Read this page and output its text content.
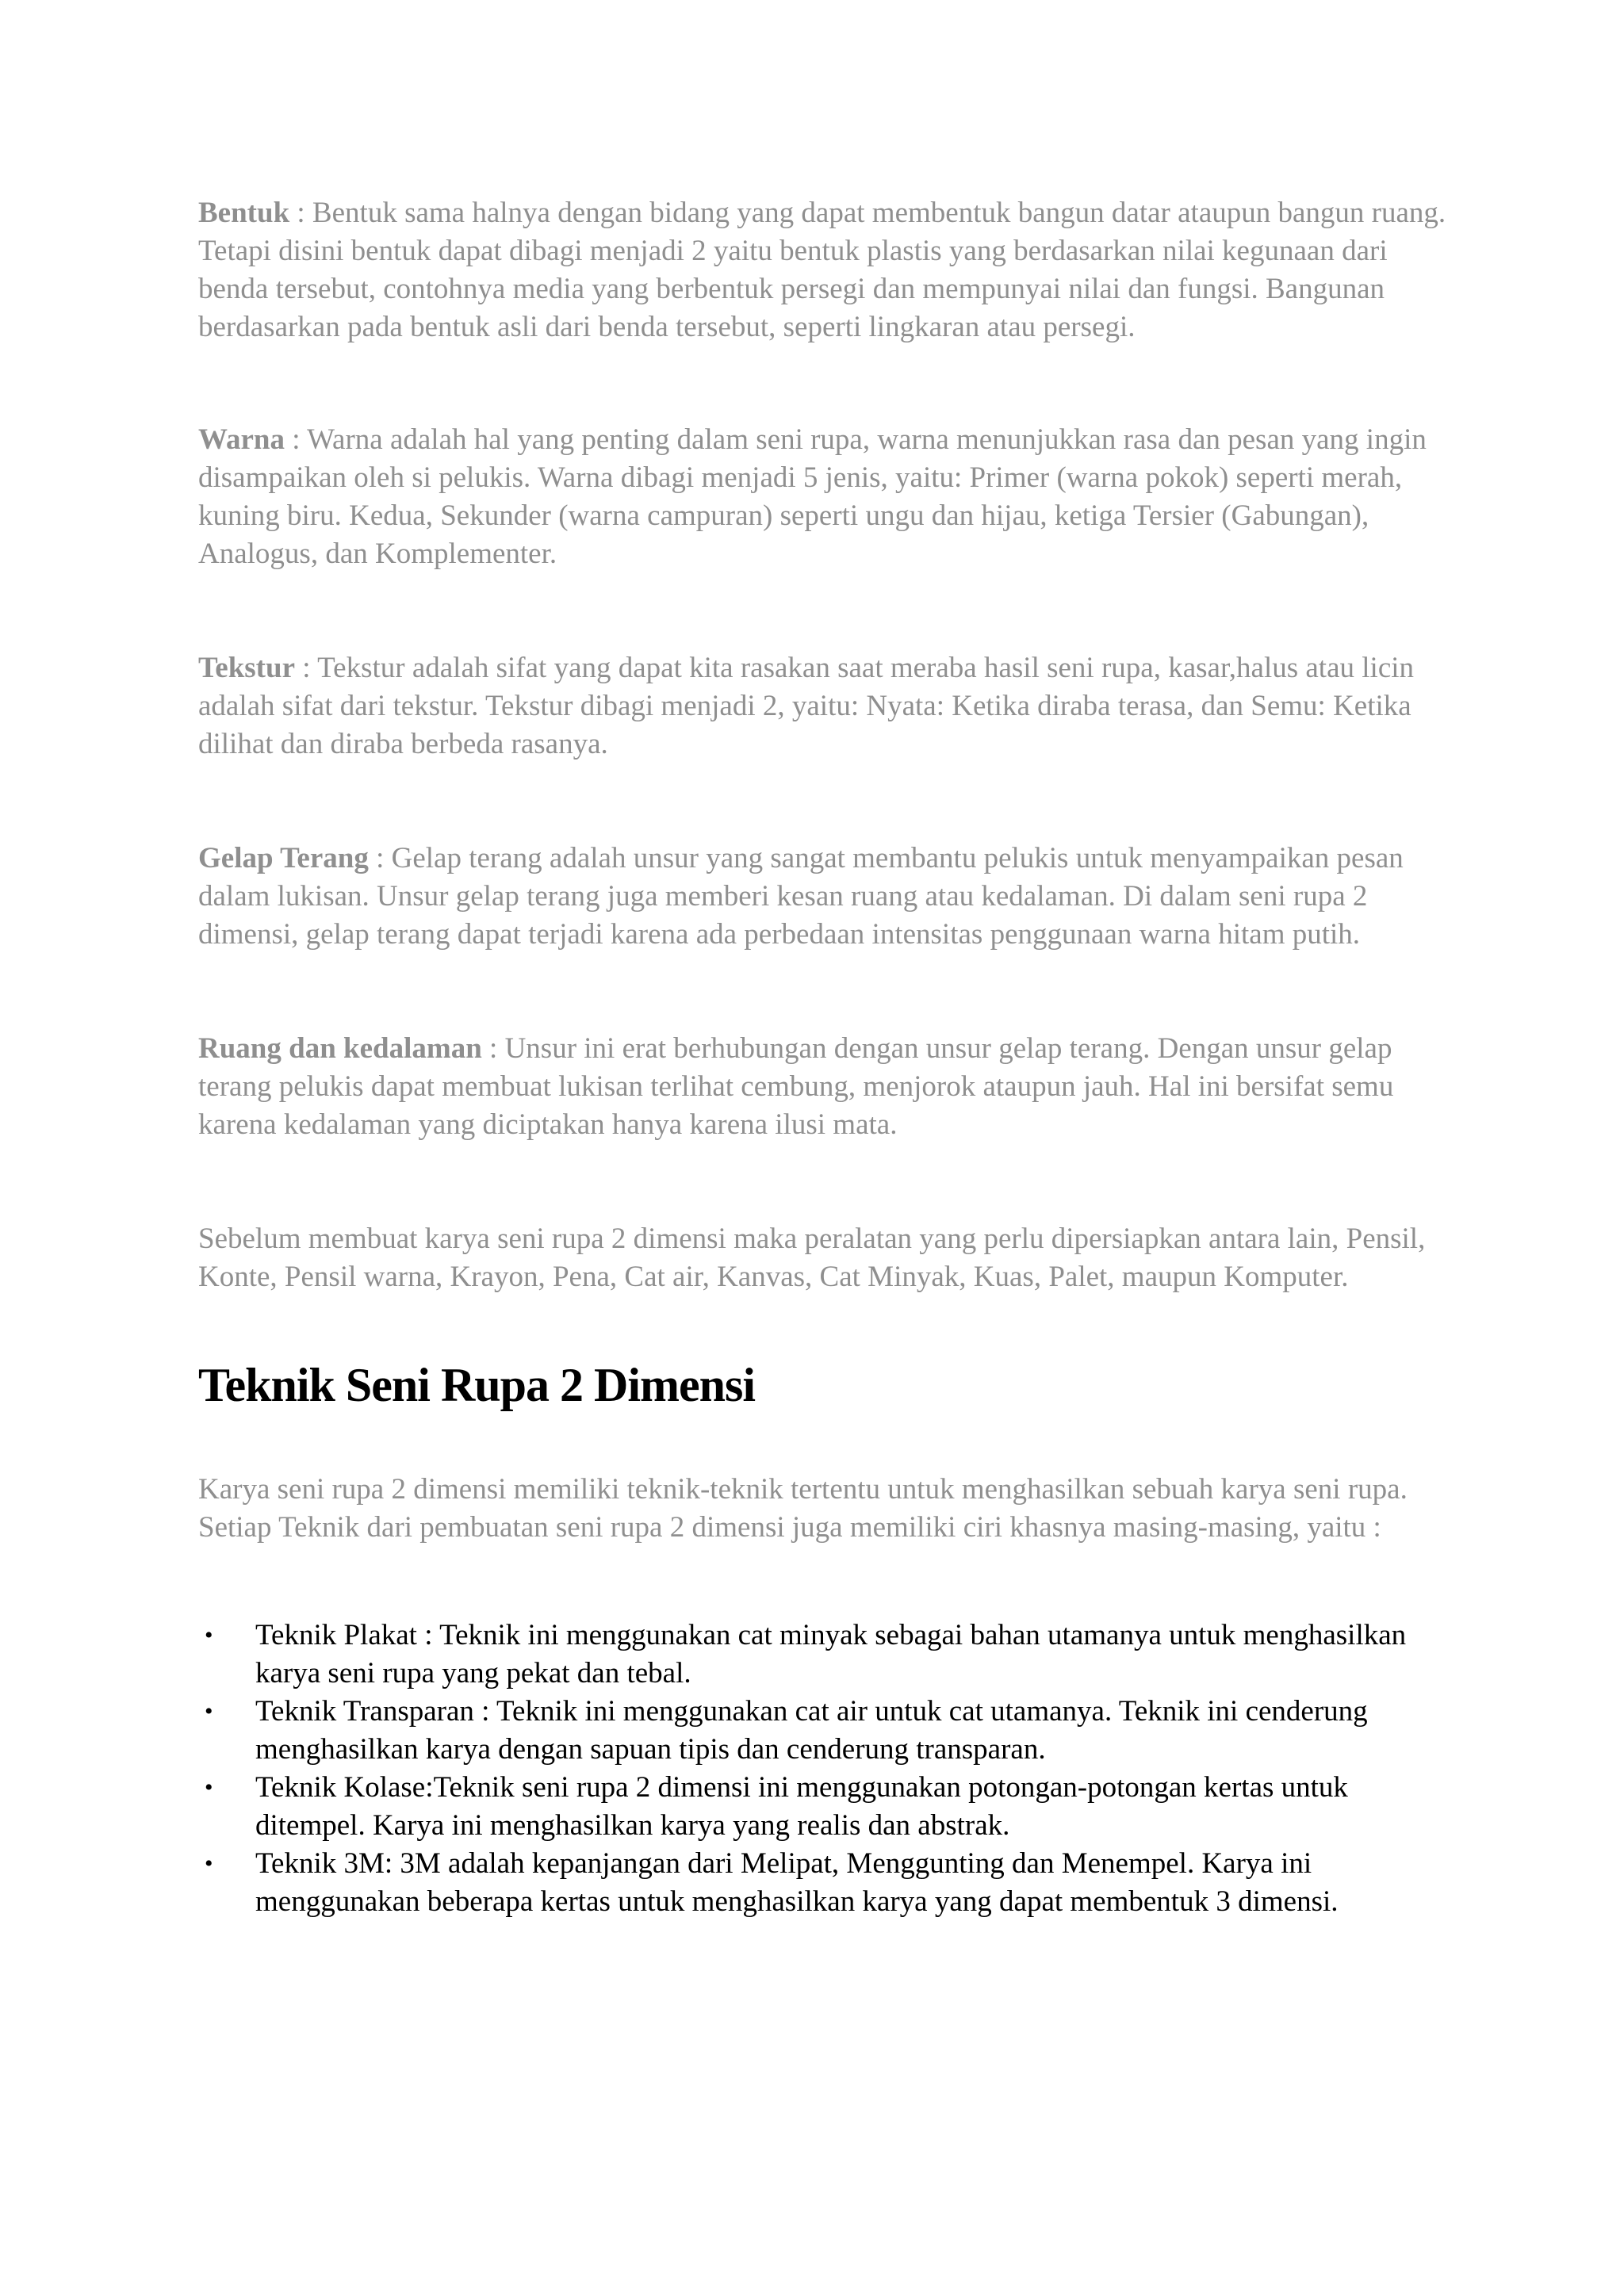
Bentuk : Bentuk sama halnya dengan bidang yang dapat membentuk bangun datar ataupun bangun ruang. Tetapi disini bentuk dapat dibagi menjadi 2 yaitu bentuk plastis yang berdasarkan nilai kegunaan dari benda tersebut, contohnya media yang berbentuk persegi dan mempunyai nilai dan fungsi. Bangunan berdasarkan pada bentuk asli dari benda tersebut, seperti lingkaran atau persegi.

Warna : Warna adalah hal yang penting dalam seni rupa, warna menunjukkan rasa dan pesan yang ingin disampaikan oleh si pelukis. Warna dibagi menjadi 5 jenis, yaitu: Primer (warna pokok) seperti merah, kuning biru. Kedua, Sekunder (warna campuran) seperti ungu dan hijau, ketiga Tersier (Gabungan), Analogus, dan Komplementer.

Tekstur : Tekstur adalah sifat yang dapat kita rasakan saat meraba hasil seni rupa, kasar,halus atau licin adalah sifat dari tekstur. Tekstur dibagi menjadi 2, yaitu: Nyata: Ketika diraba terasa, dan Semu: Ketika dilihat dan diraba berbeda rasanya.

Gelap Terang : Gelap terang adalah unsur yang sangat membantu pelukis untuk menyampaikan pesan dalam lukisan. Unsur gelap terang juga memberi kesan ruang atau kedalaman. Di dalam seni rupa 2 dimensi, gelap terang dapat terjadi karena ada perbedaan intensitas penggunaan warna hitam putih.

Ruang dan kedalaman : Unsur ini erat berhubungan dengan unsur gelap terang. Dengan unsur gelap terang pelukis dapat membuat lukisan terlihat cembung, menjorok ataupun jauh. Hal ini bersifat semu karena kedalaman yang diciptakan hanya karena ilusi mata.

Sebelum membuat karya seni rupa 2 dimensi maka peralatan yang perlu dipersiapkan antara lain, Pensil, Konte, Pensil warna, Krayon, Pena, Cat air, Kanvas, Cat Minyak, Kuas, Palet, maupun Komputer.

Teknik Seni Rupa 2 Dimensi

Karya seni rupa 2 dimensi memiliki teknik-teknik tertentu untuk menghasilkan sebuah karya seni rupa. Setiap Teknik dari pembuatan seni rupa 2 dimensi juga memiliki ciri khasnya masing-masing, yaitu :

• Teknik Plakat : Teknik ini menggunakan cat minyak sebagai bahan utamanya untuk menghasilkan karya seni rupa yang pekat dan tebal.
• Teknik Transparan : Teknik ini menggunakan cat air untuk cat utamanya. Teknik ini cenderung menghasilkan karya dengan sapuan tipis dan cenderung transparan.
• Teknik Kolase:Teknik seni rupa 2 dimensi ini menggunakan potongan-potongan kertas untuk ditempel. Karya ini menghasilkan karya yang realis dan abstrak.
• Teknik 3M: 3M adalah kepanjangan dari Melipat, Menggunting dan Menempel. Karya ini menggunakan beberapa kertas untuk menghasilkan karya yang dapat membentuk 3 dimensi.
